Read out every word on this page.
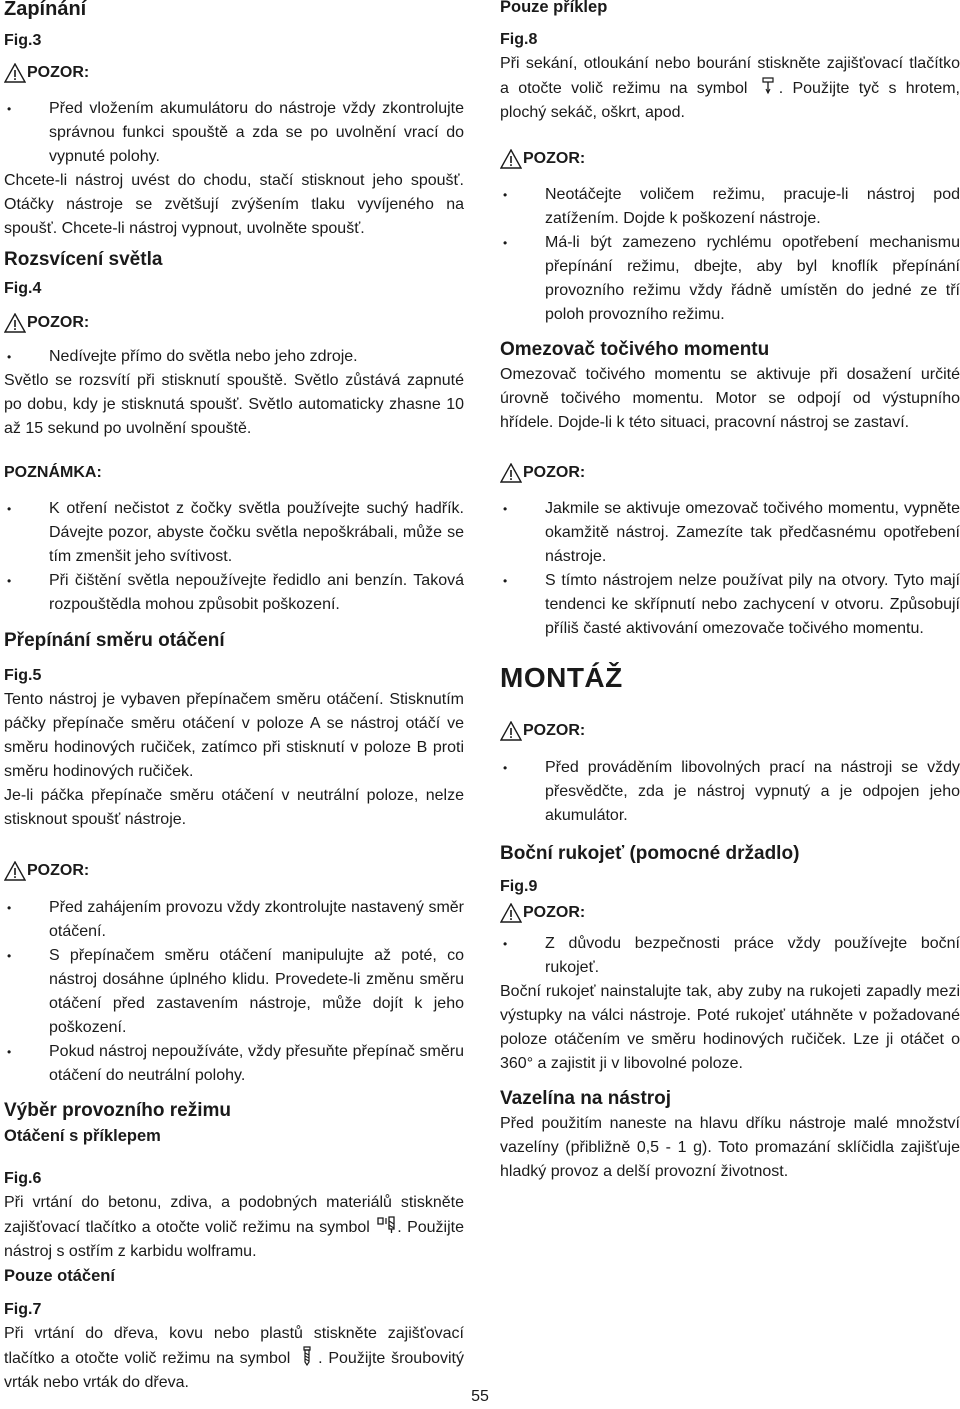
Zapínání
Fig.3
POZOR:
• Před vložením akumulátoru do nástroje vždy zkontrolujte správnou funkci spouště a zda se po uvolnění vrací do vypnuté polohy.

Chcete-li nástroj uvést do chodu, stačí stisknout jeho spoušť. Otáčky nástroje se zvětšují zvýšením tlaku vyvíjeného na spoušť. Chcete-li nástroj vypnout, uvolněte spoušť.

Rozsvícení světla
Fig.4
POZOR:
• Nedívejte přímo do světla nebo jeho zdroje.

Světlo se rozsvítí při stisknutí spouště. Světlo zůstává zapnuté po dobu, kdy je stisknutá spoušť. Světlo automaticky zhasne 10 až 15 sekund po uvolnění spouště.

POZNÁMKA:
• K otření nečistot z čočky světla používejte suchý hadřík. Dávejte pozor, abyste čočku světla nepoškrábali, může se tím zmenšit jeho svítivost.
• Při čištění světla nepoužívejte ředidlo ani benzín. Taková rozpouštědla mohou způsobit poškození.
Přepínání směru otáčení
Fig.5

Tento nástroj je vybaven přepínačem směru otáčení. Stisknutím páčky přepínače směru otáčení v poloze A se nástroj otáčí ve směru hodinových ručiček, zatímco při stisknutí v poloze B proti směru hodinových ručiček.

Je-li páčka přepínače směru otáčení v neutrální poloze, nelze stisknout spoušť nástroje.

POZOR:
• Před zahájením provozu vždy zkontrolujte nastavený směr otáčení.
• S přepínačem směru otáčení manipulujte až poté, co nástroj dosáhne úplného klidu. Provedete-li změnu směru otáčení před zastavením nástroje, může dojít k jeho poškození.
• Pokud nástroj nepoužíváte, vždy přesuňte přepínač směru otáčení do neutrální polohy.
Výběr provozního režimu
Otáčení s příklepem
Fig.6

Při vrtání do betonu, zdiva, a podobných materiálů stiskněte zajišťovací tlačítko a otočte volič režimu na symbol . Použijte nástroj s ostřím z karbidu wolframu.

Pouze otáčení
Fig.7

Při vrtání do dřeva, kovu nebo plastů stiskněte zajišťovací tlačítko a otočte volič režimu na symbol . Použijte šroubovitý vrták nebo vrták do dřeva.

Pouze příklep
Fig.8

Při sekání, otloukání nebo bourání stiskněte zajišťovací tlačítko a otočte volič režimu na symbol . Použijte tyč s hrotem, plochý sekáč, oškrt, apod.

POZOR:
• Neotáčejte voličem režimu, pracuje-li nástroj pod zatížením. Dojde k poškození nástroje.
• Má-li být zamezeno rychlému opotřebení mechanismu přepínání režimu, dbejte, aby byl knoflík přepínání provozního režimu vždy řádně umístěn do jedné ze tří poloh provozního režimu.
Omezovač točivého momentu

Omezovač točivého momentu se aktivuje při dosažení určité úrovně točivého momentu. Motor se odpojí od výstupního hřídele. Dojde-li k této situaci, pracovní nástroj se zastaví.

POZOR:
• Jakmile se aktivuje omezovač točivého momentu, vypněte okamžitě nástroj. Zamezíte tak předčasnému opotřebení nástroje.
• S tímto nástrojem nelze používat pily na otvory. Tyto mají tendenci ke skřípnutí nebo zachycení v otvoru. Způsobují příliš časté aktivování omezovače točivého momentu.
MONTÁŽ
POZOR:
• Před prováděním libovolných prací na nástroji se vždy přesvědčte, zda je nástroj vypnutý a je odpojen jeho akumulátor.
Boční rukojeť (pomocné držadlo)
Fig.9
POZOR:
• Z důvodu bezpečnosti práce vždy používejte boční rukojeť.

Boční rukojeť nainstalujte tak, aby zuby na rukojeti zapadly mezi výstupky na válci nástroje. Poté rukojeť utáhněte v požadované poloze otáčením ve směru hodinových ručiček. Lze ji otáčet o 360° a zajistit ji v libovolné poloze.

Vazelína na nástroj

Před použitím naneste na hlavu dříku nástroje malé množství vazelíny (přibližně 0,5 - 1 g). Toto promazání sklíčidla zajišťuje hladký provoz a delší provozní životnost.

55
